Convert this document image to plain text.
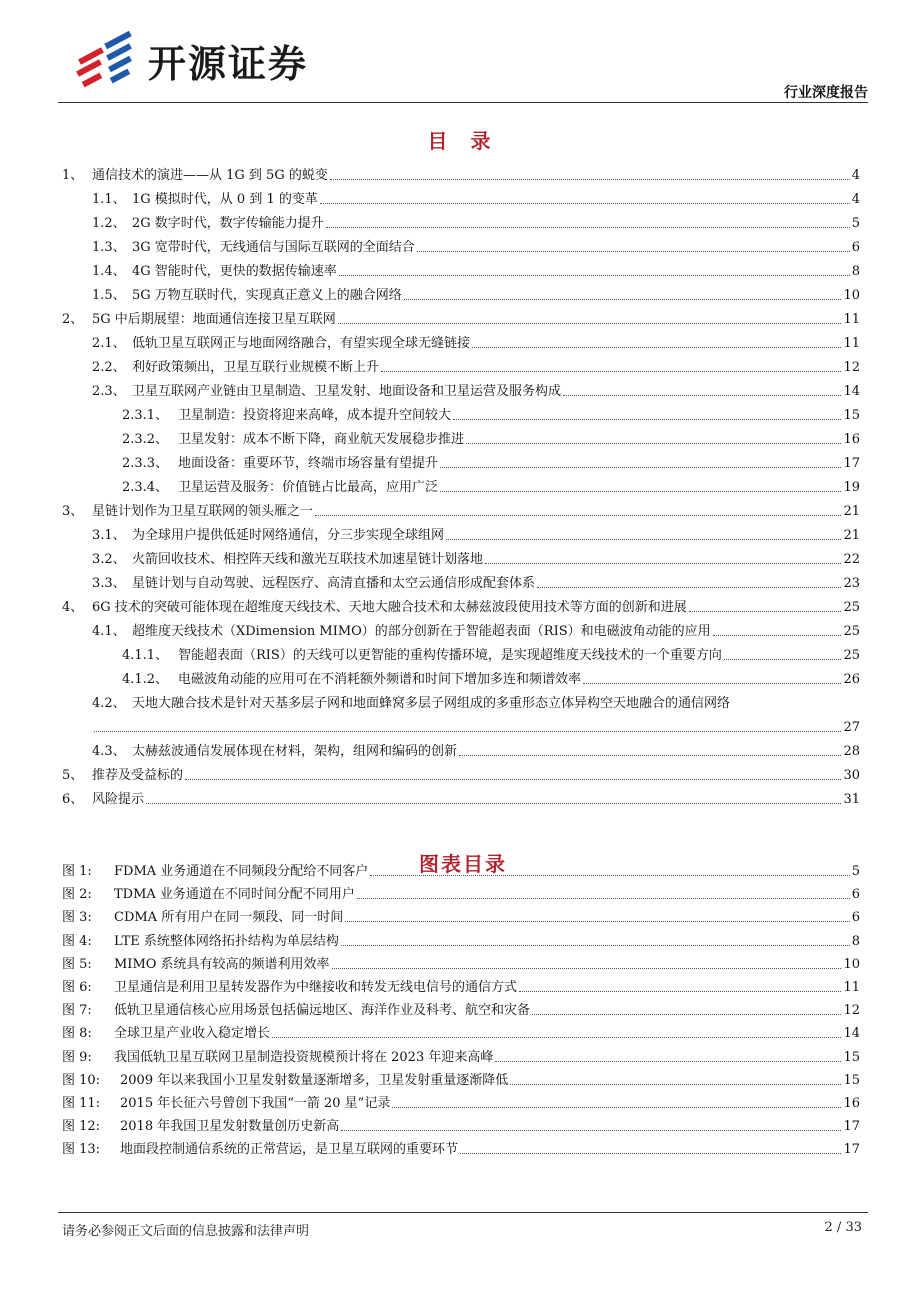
开源证券
行业深度报告
目 录
1、 通信技术的演进——从 1G 到 5G 的蜕变	4
1.1、 1G 模拟时代，从 0 到 1 的变革	4
1.2、 2G 数字时代，数字传输能力提升	5
1.3、 3G 宽带时代，无线通信与国际互联网的全面结合	6
1.4、 4G 智能时代，更快的数据传输速率	8
1.5、 5G 万物互联时代，实现真正意义上的融合网络	10
2、 5G 中后期展望：地面通信连接卫星互联网	11
2.1、 低轨卫星互联网正与地面网络融合，有望实现全球无缝链接	11
2.2、 利好政策频出，卫星互联行业规模不断上升	12
2.3、 卫星互联网产业链由卫星制造、卫星发射、地面设备和卫星运营及服务构成	14
2.3.1、 卫星制造：投资将迎来高峰，成本提升空间较大	15
2.3.2、 卫星发射：成本不断下降，商业航天发展稳步推进	16
2.3.3、 地面设备：重要环节，终端市场容量有望提升	17
2.3.4、 卫星运营及服务：价值链占比最高，应用广泛	19
3、 星链计划作为卫星互联网的领头雁之一	21
3.1、 为全球用户提供低延时网络通信，分三步实现全球组网	21
3.2、 火箭回收技术、相控阵天线和激光互联技术加速星链计划落地	22
3.3、 星链计划与自动驾驶、远程医疗、高清直播和太空云通信形成配套体系	23
4、 6G 技术的突破可能体现在超维度天线技术、天地大融合技术和太赫兹波段使用技术等方面的创新和进展	25
4.1、 超维度天线技术（XDimension MIMO）的部分创新在于智能超表面（RIS）和电磁波角动能的应用	25
4.1.1、 智能超表面（RIS）的天线可以更智能的重构传播环境，是实现超维度天线技术的一个重要方向	25
4.1.2、 电磁波角动能的应用可在不消耗额外频谱和时间下增加多连和频谱效率	26
4.2、 天地大融合技术是针对天基多层子网和地面蜂窝多层子网组成的多重形态立体异构空天地融合的通信网络
27
4.3、 太赫兹波通信发展体现在材料，架构，组网和编码的创新	28
5、 推荐及受益标的	30
6、 风险提示	31
图表目录
图 1:	FDMA 业务通道在不同频段分配给不同客户	5
图 2:	TDMA 业务通道在不同时间分配不同用户	6
图 3:	CDMA 所有用户在同一频段、同一时间	6
图 4:	LTE 系统整体网络拓扑结构为单层结构	8
图 5:	MIMO 系统具有较高的频谱利用效率	10
图 6:	卫星通信是利用卫星转发器作为中继接收和转发无线电信号的通信方式	11
图 7:	低轨卫星通信核心应用场景包括偏远地区、海洋作业及科考、航空和灾备	12
图 8:	全球卫星产业收入稳定增长	14
图 9:	我国低轨卫星互联网卫星制造投资规模预计将在 2023 年迎来高峰	15
图 10:	2009 年以来我国小卫星发射数量逐渐增多，卫星发射重量逐渐降低	15
图 11:	2015 年长征六号曾创下我国“一箭 20 星”记录	16
图 12:	2018 年我国卫星发射数量创历史新高	17
图 13:	地面段控制通信系统的正常营运，是卫星互联网的重要环节	17
请务必参阅正文后面的信息披露和法律声明	2 / 33
